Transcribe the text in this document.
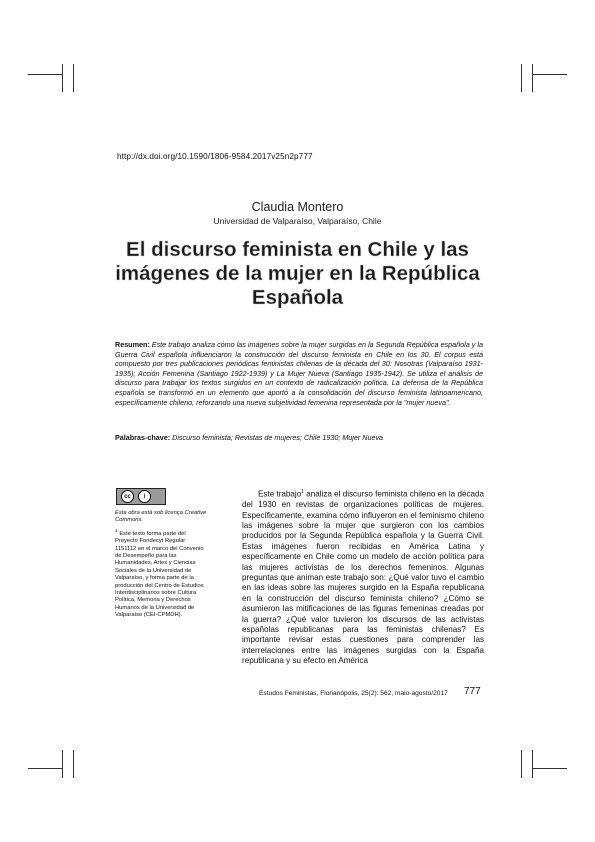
http://dx.doi.org/10.1590/1806-9584.2017v25n2p777
Claudia Montero
Universidad de Valparaíso, Valparaíso, Chile
El discurso feminista en Chile y las imágenes de la mujer en la República Española
Resumen: Este trabajo analiza cómo las imágenes sobre la mujer surgidas en la Segunda República española y la Guerra Civil española influenciaron la construcción del discurso feminista en Chile en los 30. El corpus está compuesto por tres publicaciones periódicas feministas chilenas de la década del 30: Nosotras (Valparaíso 1931-1935); Acción Femenina (Santiago 1922-1939) y La Mujer Nueva (Santiago 1935-1942). Se utiliza el análisis de discurso para trabajar los textos surgidos en un contexto de radicalización política. La defensa de la República española se transformó en un elemento que aportó a la consolidación del discurso feminista latinoamericano, específicamente chileno, reforzando una nueva subjetividad femenina representada por la "mujer nueva".
Palabras-chave: Discurso feminista; Revistas de mujeres; Chile 1930; Mujer Nueva
cc	i

Esta obra está sob licença Creative Commons.

$^1$ Este texto forma parte del Proyecto Fondecyt Regular 1151112 en el marco del Convenio de Desempeño para las Humanidades, Artes y Ciencias Sociales de la Universidad de Valparaíso, y forma parte de la producción del Centro de Estudios Interdisciplinarios sobre Cultura Política, Memoria y Derechos Humanos de la Universidad de Valparaíso (CEI-CPMDH).

Este trabajo$^1$ analiza el discurso feminista chileno en la década del 1930 en revistas de organizaciones políticas de mujeres. Específicamente, examina cómo influyeron en el feminismo chileno las imágenes sobre la mujer que surgieron con los cambios producidos por la Segunda República española y la Guerra Civil. Estas imágenes fueron recibidas en América Latina y específicamente en Chile como un modelo de acción política para las mujeres activistas de los derechos femeninos. Algunas preguntas que animan este trabajo son: ¿Qué valor tuvo el cambio en las ideas sobre las mujeres surgido en la España republicana en la construcción del discurso feminista chileno? ¿Cómo se asumieron las mitificaciones de las figuras femeninas creadas por la guerra? ¿Qué valor tuvieron los discursos de las activistas españolas republicanas para las feministas chilenas? Es importante revisar estas cuestiones para comprender las interrelaciones entre las imágenes surgidas con la España republicana y su efecto en América
Estudos Feministas, Florianópolis, 25(2): 562, maio-agosto/2017 777
